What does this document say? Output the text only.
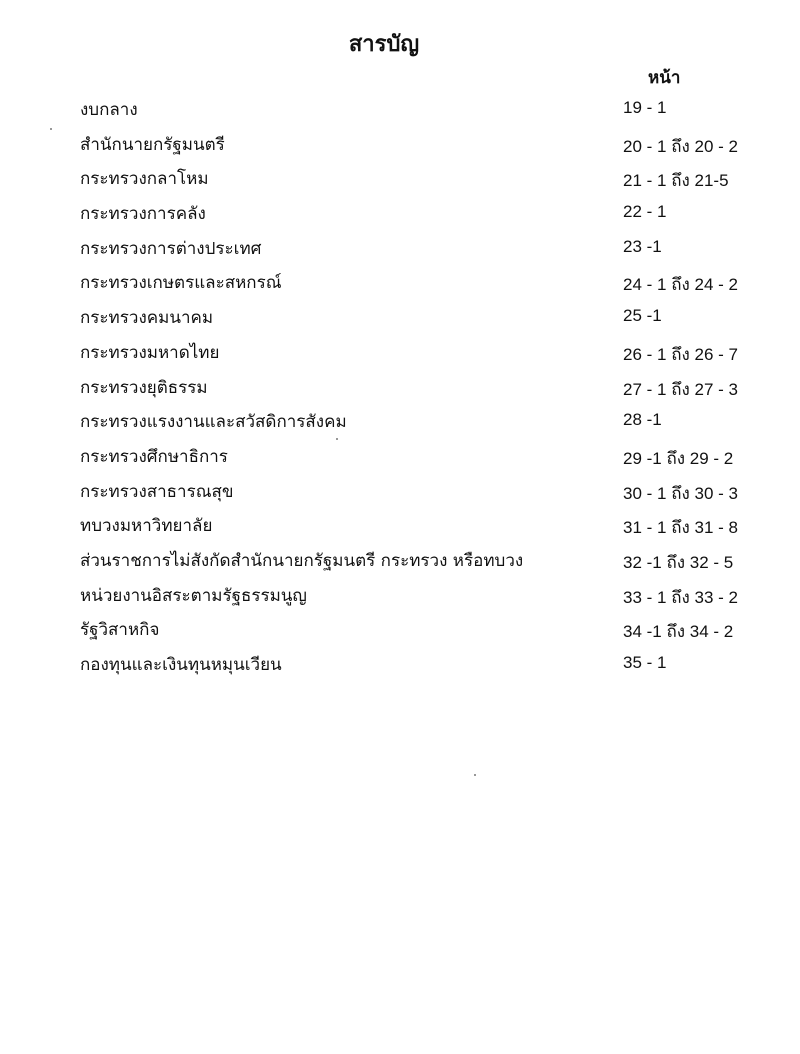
สารบัญ
หน้า
งบกลาง	19 - 1
สำนักนายกรัฐมนตรี	20 - 1 ถึง 20 - 2
กระทรวงกลาโหม	21 - 1 ถึง 21-5
กระทรวงการคลัง	22 - 1
กระทรวงการต่างประเทศ	23 -1
กระทรวงเกษตรและสหกรณ์	24 - 1 ถึง 24 - 2
กระทรวงคมนาคม	25 -1
กระทรวงมหาดไทย	26 - 1 ถึง 26 - 7
กระทรวงยุติธรรม	27 - 1 ถึง 27 - 3
กระทรวงแรงงานและสวัสดิการสังคม	28 -1
กระทรวงศึกษาธิการ	29 -1 ถึง 29 - 2
กระทรวงสาธารณสุข	30 - 1 ถึง 30 - 3
ทบวงมหาวิทยาลัย	31 - 1 ถึง 31 - 8
ส่วนราชการไม่สังกัดสำนักนายกรัฐมนตรี กระทรวง หรือทบวง	32 -1 ถึง 32 - 5
หน่วยงานอิสระตามรัฐธรรมนูญ	33 - 1 ถึง 33 - 2
รัฐวิสาหกิจ	34 -1 ถึง 34 - 2
กองทุนและเงินทุนหมุนเวียน	35 - 1
